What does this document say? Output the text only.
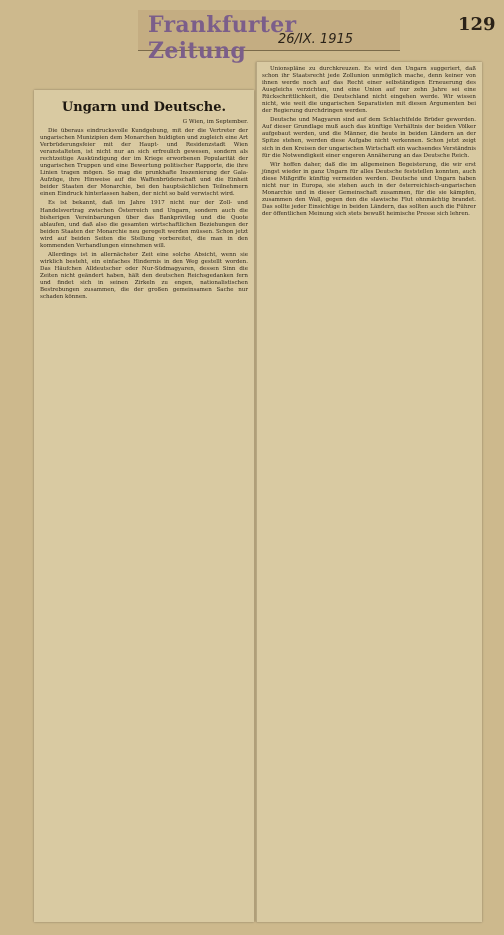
Frankfurter Zeitung	26/IX. 1915
129
Ungarn und Deutsche.
G Wien, im September.

Die überaus eindrucksvolle Kundgebung, mit der die Vertreter der ungarischen Munizipien dem Monarchen huldigten und zugleich eine Art Verbrüderungsfeier mit der Haupt- und Residenzstadt Wien veranstalteten, ist nicht nur an sich erfreulich gewesen, sondern als rechtzeitige Auskündigung der im Kriege erworbenen Popularität der ungarischen Truppen und eine Bewertung politischer Rapporte, die ihre Linien tragen mögen. So mag die prunkhafte Inszenierung der Gala-Aufzüge, ihre Hinweise auf die Waffenbrüderschaft und die Einheit beider Staaten der Monarchie, bei den hauptsächlichen Teilnehmern einen Eindruck hinterlassen haben, der nicht so bald verwischt wird.

Es ist bekannt, daß im Jahre 1917 nicht nur der Zoll- und Handelsvertrag zwischen Österreich und Ungarn, sondern auch die bisherigen Vereinbarungen über das Bankprivileg und die Quote ablaufen, und daß also die gesamten wirtschaftlichen Beziehungen der beiden Staaten der Monarchie neu geregelt werden müssen. Schon jetzt wird auf beiden Seiten die Stellung vorbereitet, die man in den kommenden Verhandlungen einnehmen will.

Allerdings ist in allernächster Zeit eine solche Absicht, wenn sie wirklich besteht, ein einfaches Hindernis in den Weg gestellt worden. Das Häufchen Alldeutscher oder Nur-Südmagyaren, dessen Sinn die Zeiten nicht geändert haben, hält den deutschen Reichsgedanken fern und findet sich in seinen Zirkeln zu engen, nationalistischen Bestrebungen zusammen, die der großen gemeinsamen Sache nur schaden können.

Unionspläne zu durchkreuzen. Es wird den Ungarn suggeriert, daß schon ihr Staatsrecht jede Zollunion unmöglich mache, denn keiner von ihnen werde noch auf das Recht einer selbständigen Erneuerung des Ausgleichs verzichten, und eine Union auf nur zehn Jahre sei eine Rückschrittlichkeit, die Deutschland nicht eingehen werde. Wir wissen nicht, wie weit die ungarischen Separatisten mit diesen Argumenten bei der Regierung durchdringen werden.

Deutsche und Magyaren sind auf dem Schlachtfelde Brüder geworden. Auf dieser Grundlage muß auch das künftige Verhältnis der beiden Völker aufgebaut werden, und die Männer, die heute in beiden Ländern an der Spitze stehen, werden diese Aufgabe nicht verkennen. Schon jetzt zeigt sich in den Kreisen der ungarischen Wirtschaft ein wachsendes Verständnis für die Notwendigkeit einer engeren Annäherung an das Deutsche Reich.

Wir hoffen daher, daß die im allgemeinen Begeisterung, die wir erst jüngst wieder in ganz Ungarn für alles Deutsche feststellen konnten, auch diese Mißgriffe künftig vermeiden werden. Deutsche und Ungarn haben nicht nur in Europa, sie stehen auch in der österreichisch-ungarischen Monarchie und in dieser Gemeinschaft zusammen, für die sie kämpfen, zusammen den Wall, gegen den die slawische Flut ohnmächtig brandet. Das sollte jeder Einsichtige in beiden Ländern, das sollten auch die Führer der öffentlichen Meinung sich stets bewußt heimische Presse sich lehren.
